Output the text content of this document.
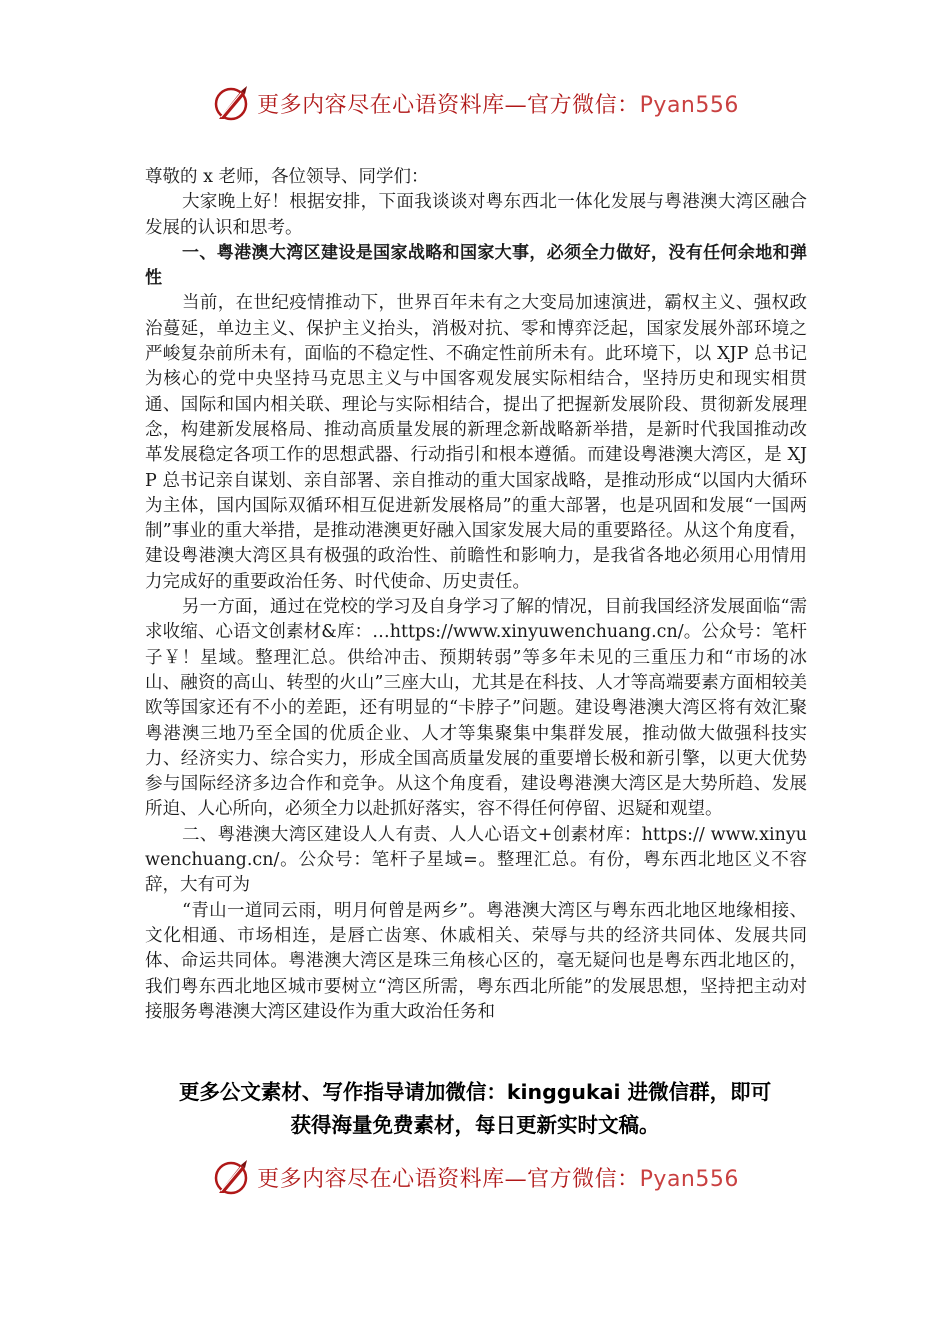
更多内容尽在心语资料库—官方微信：Pyan556

尊敬的 x 老师，各位领导、同学们：

大家晚上好！根据安排，下面我谈谈对粤东西北一体化发展与粤港澳大湾区融合发展的认识和思考。

一、粤港澳大湾区建设是国家战略和国家大事，必须全力做好，没有任何余地和弹性

当前，在世纪疫情推动下，世界百年未有之大变局加速演进，霸权主义、强权政治蔓延，单边主义、保护主义抬头，消极对抗、零和博弈泛起，国家发展外部环境之严峻复杂前所未有，面临的不稳定性、不确定性前所未有。此环境下，以 XJP 总书记为核心的党中央坚持马克思主义与中国客观发展实际相结合，坚持历史和现实相贯通、国际和国内相关联、理论与实际相结合，提出了把握新发展阶段、贯彻新发展理念，构建新发展格局、推动高质量发展的新理念新战略新举措，是新时代我国推动改革发展稳定各项工作的思想武器、行动指引和根本遵循。而建设粤港澳大湾区，是 XJP 总书记亲自谋划、亲自部署、亲自推动的重大国家战略，是推动形成“以国内大循环为主体，国内国际双循环相互促进新发展格局”的重大部署，也是巩固和发展“一国两制”事业的重大举措，是推动港澳更好融入国家发展大局的重要路径。从这个角度看，建设粤港澳大湾区具有极强的政治性、前瞻性和影响力，是我省各地必须用心用情用力完成好的重要政治任务、时代使命、历史责任。

另一方面，通过在党校的学习及自身学习了解的情况，目前我国经济发展面临“需求收缩、心语文创素材&库：…https://www.xinyuwenchuang.cn/。公众号：笔杆子￥！星域。整理汇总。供给冲击、预期转弱”等多年未见的三重压力和“市场的冰山、融资的高山、转型的火山”三座大山，尤其是在科技、人才等高端要素方面相较美欧等国家还有不小的差距，还有明显的“卡脖子”问题。建设粤港澳大湾区将有效汇聚粤港澳三地乃至全国的优质企业、人才等集聚集中集群发展，推动做大做强科技实力、经济实力、综合实力，形成全国高质量发展的重要增长极和新引擎，以更大优势参与国际经济多边合作和竞争。从这个角度看，建设粤港澳大湾区是大势所趋、发展所迫、人心所向，必须全力以赴抓好落实，容不得任何停留、迟疑和观望。

二、粤港澳大湾区建设人人有责、人人心语文+创素材库：https:// www.xinyuwenchuang.cn/。公众号：笔杆子星域=。整理汇总。有份，粤东西北地区义不容辞，大有可为

“青山一道同云雨，明月何曾是两乡”。粤港澳大湾区与粤东西北地区地缘相接、文化相通、市场相连，是唇亡齿寒、休戚相关、荣辱与共的经济共同体、发展共同体、命运共同体。粤港澳大湾区是珠三角核心区的，毫无疑问也是粤东西北地区的，我们粤东西北地区城市要树立“湾区所需，粤东西北所能”的发展思想，坚持把主动对接服务粤港澳大湾区建设作为重大政治任务和

更多公文素材、写作指导请加微信：kinggukai 进微信群，即可

获得海量免费素材，每日更新实时文稿。

更多内容尽在心语资料库—官方微信：Pyan556
